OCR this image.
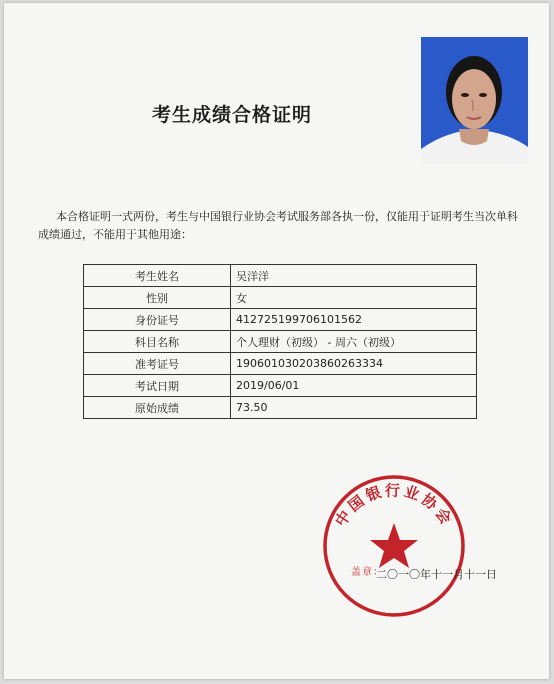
考生成绩合格证明
本合格证明一式两份，考生与中国银行业协会考试服务部各执一份，仅能用于证明考生当次单科成绩通过，不能用于其他用途：
考生姓名	吴洋洋
性别	女
身份证号	412725199706101562
科目名称	个人理财（初级） - 周六（初级）
准考证号	190601030203860263334
考试日期	2019/06/01
原始成绩	73.50
中国银行业协会
盖章：
二〇一〇年十一月十一日
